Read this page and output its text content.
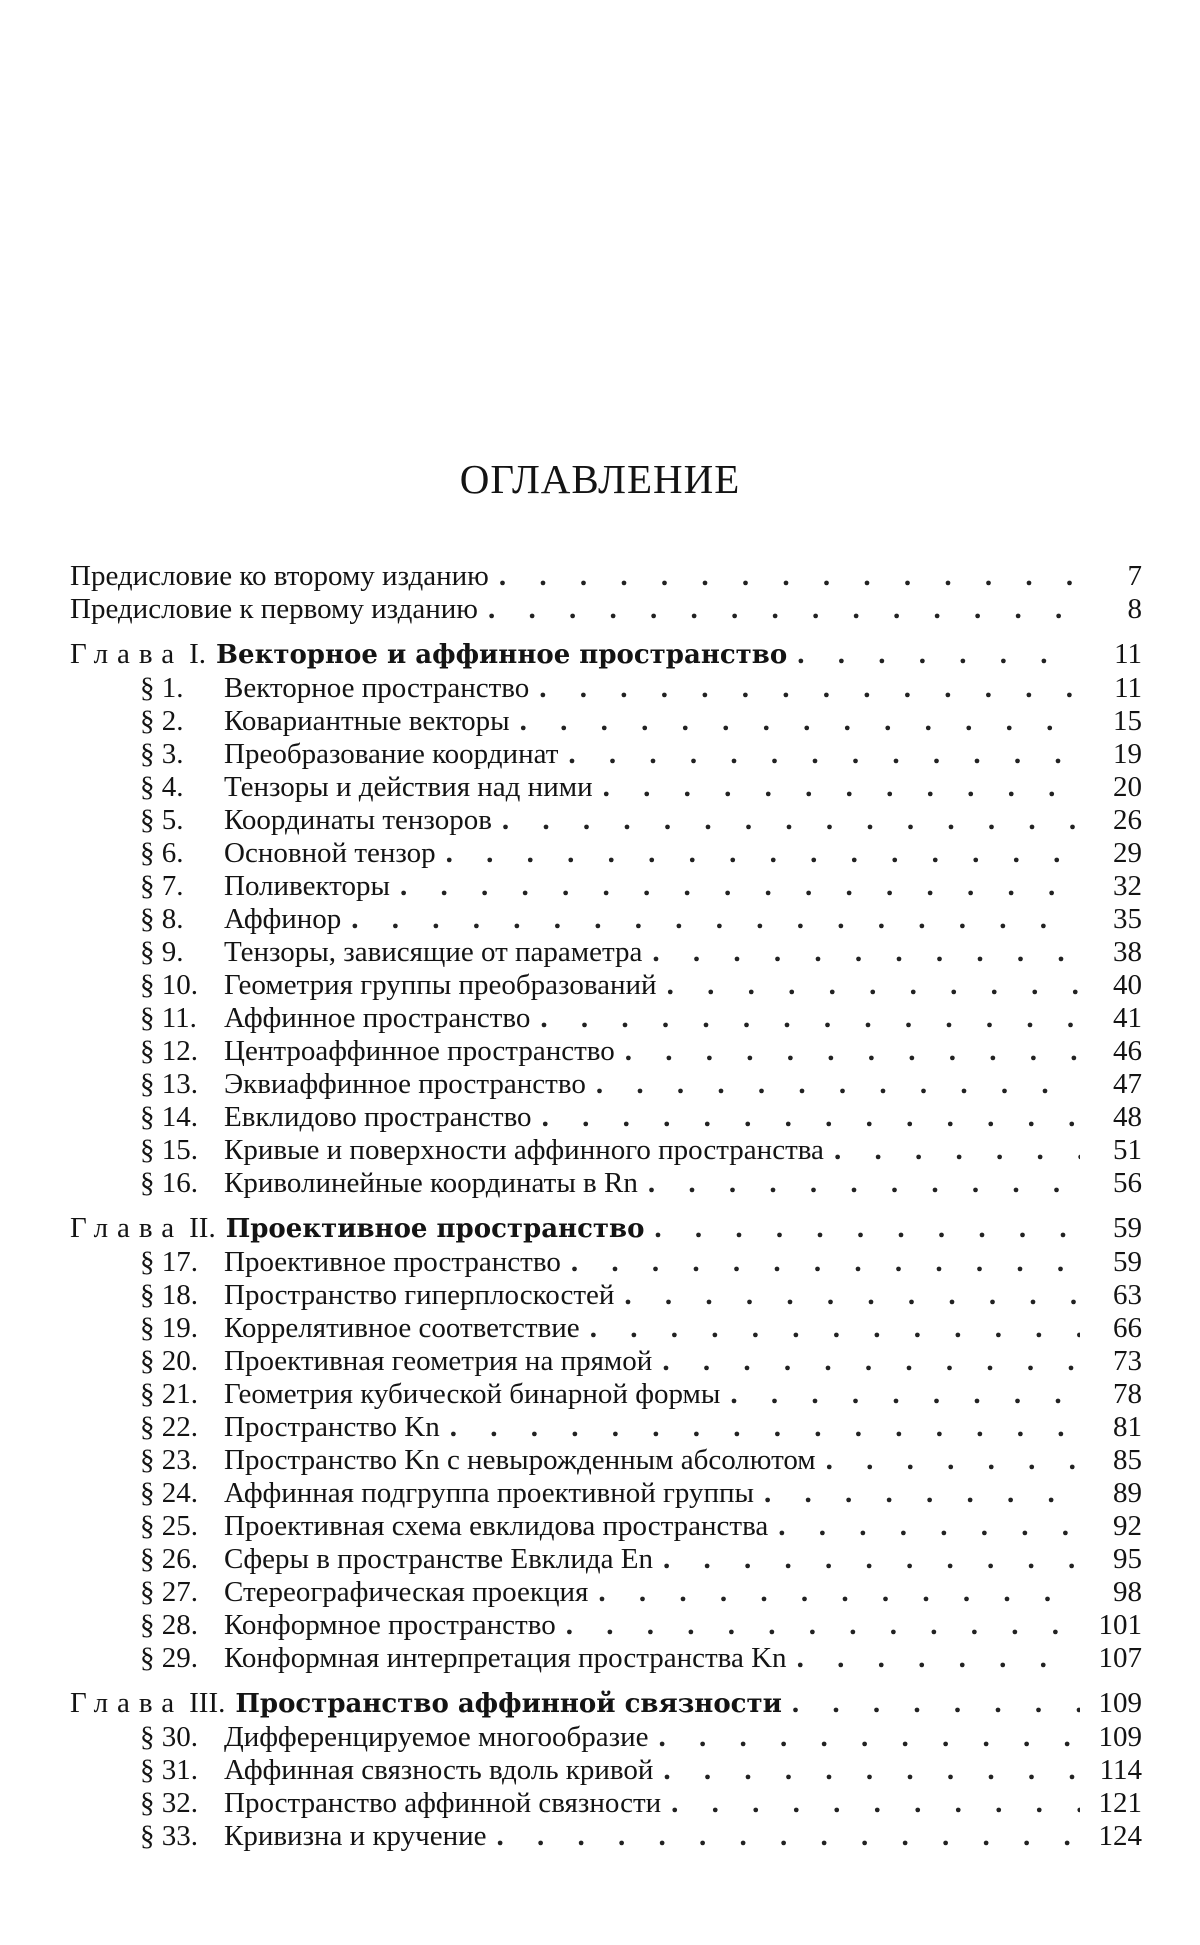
ОГЛАВЛЕНИЕ
Предисловие ко второму изданию . . .	7
Предисловие к первому изданию . . .	8
Глава I. Векторное и аффинное пространство . . .	11
§ 1.	Векторное пространство . . .	11
§ 2.	Ковариантные векторы . . .	15
§ 3.	Преобразование координат . . .	19
§ 4.	Тензоры и действия над ними . . .	20
§ 5.	Координаты тензоров . . .	26
§ 6.	Основной тензор . . .	29
§ 7.	Поливекторы . . .	32
§ 8.	Аффинор . . .	35
§ 9.	Тензоры, зависящие от параметра . . .	38
§ 10. Геометрия группы преобразований . . .	40
§ 11. Аффинное пространство . . .	41
§ 12. Центроаффинное пространство . . .	46
§ 13. Эквиаффинное пространство . . .	47
§ 14. Евклидово пространство . . .	48
§ 15. Кривые и поверхности аффинного пространства . . .	51
§ 16. Криволинейные координаты в Rn . . .	56
Глава II. Проективное пространство . . .	59
§ 17. Проективное пространство . . .	59
§ 18. Пространство гиперплоскостей . . .	63
§ 19. Коррелятивное соответствие . . .	66
§ 20. Проективная геометрия на прямой . . .	73
§ 21. Геометрия кубической бинарной формы . . .	78
§ 22. Пространство Kn . . .	81
§ 23. Пространство Kn с невырожденным абсолютом . . .	85
§ 24. Аффинная подгруппа проективной группы . . .	89
§ 25. Проективная схема евклидова пространства . . .	92
§ 26. Сферы в пространстве Евклида En . . .	95
§ 27. Стереографическая проекция . . .	98
§ 28. Конформное пространство . . .	101
§ 29. Конформная интерпретация пространства Kn . . .	107
Глава III. Пространство аффинной связности . . .	109
§ 30. Дифференцируемое многообразие . . .	109
§ 31. Аффинная связность вдоль кривой . . .	114
§ 32. Пространство аффинной связности . . .	121
§ 33. Кривизна и кручение . . .	124
